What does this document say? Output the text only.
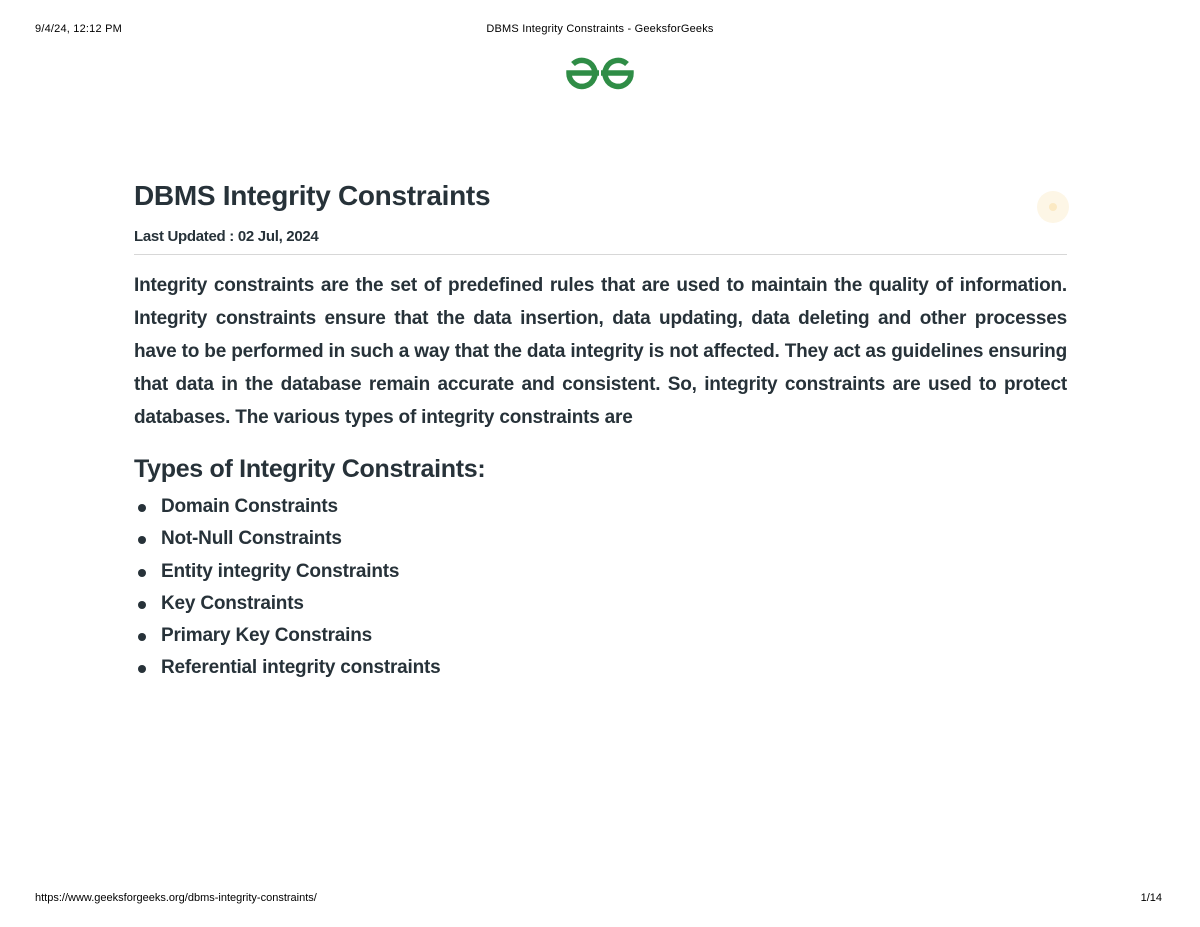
9/4/24, 12:12 PM	DBMS Integrity Constraints - GeeksforGeeks
DBMS Integrity Constraints
Last Updated : 02 Jul, 2024

Integrity constraints are the set of predefined rules that are used to maintain the quality of information. Integrity constraints ensure that the data insertion, data updating, data deleting and other processes have to be performed in such a way that the data integrity is not affected. They act as guidelines ensuring that data in the database remain accurate and consistent. So, integrity constraints are used to protect databases. The various types of integrity constraints are

Types of Integrity Constraints:
Domain Constraints
Not-Null Constraints
Entity integrity Constraints
Key Constraints
Primary Key Constrains
Referential integrity constraints
https://www.geeksforgeeks.org/dbms-integrity-constraints/	1/14
